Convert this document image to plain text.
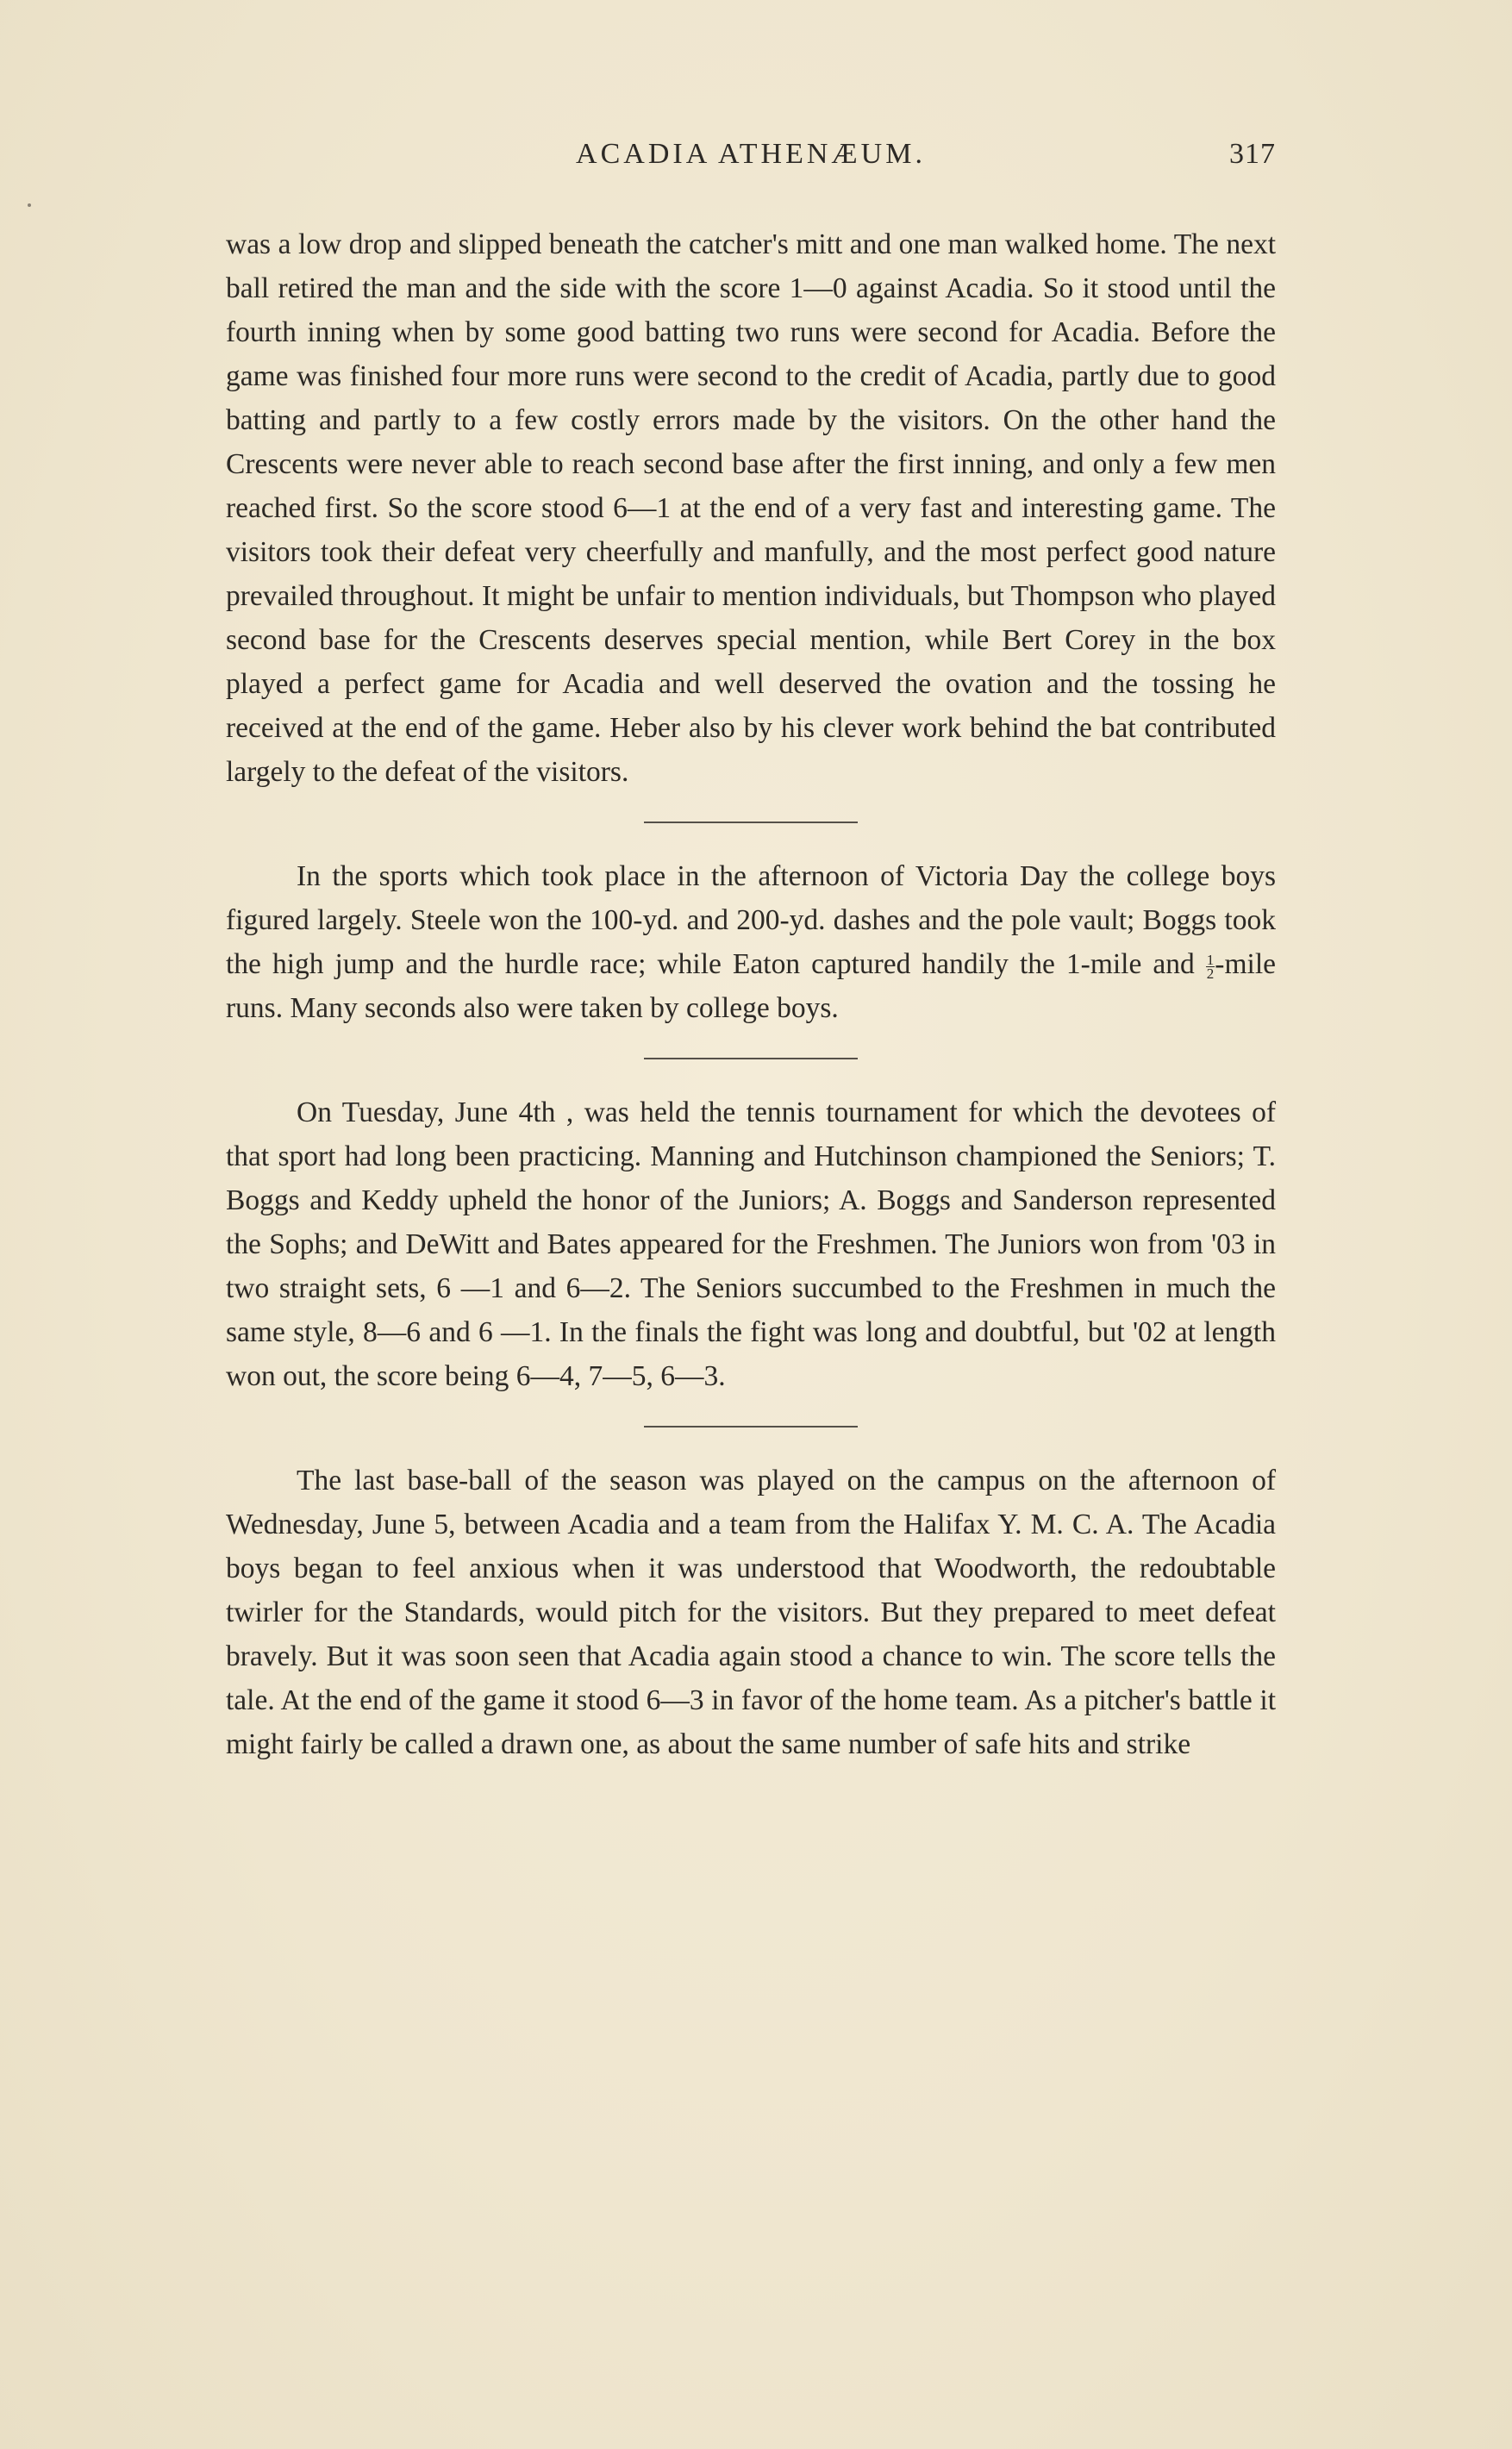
ACADIA ATHENÆUM.	317

was a low drop and slipped beneath the catcher's mitt and one man walked home. The next ball retired the man and the side with the score 1—0 against Acadia. So it stood until the fourth inning when by some good batting two runs were second for Acadia. Before the game was finished four more runs were second to the credit of Acadia, partly due to good batting and partly to a few costly errors made by the visitors. On the other hand the Crescents were never able to reach second base after the first inning, and only a few men reached first. So the score stood 6—1 at the end of a very fast and interesting game. The visitors took their defeat very cheerfully and manfully, and the most perfect good nature prevailed throughout. It might be unfair to mention individuals, but Thompson who played second base for the Crescents deserves special mention, while Bert Corey in the box played a perfect game for Acadia and well deserved the ovation and the tossing he received at the end of the game. Heber also by his clever work behind the bat contributed largely to the defeat of the visitors.

In the sports which took place in the afternoon of Victoria Day the college boys figured largely. Steele won the 100-yd. and 200-yd. dashes and the pole vault; Boggs took the high jump and the hurdle race; while Eaton captured handily the 1-mile and $\frac{1}{2}$ -mile runs. Many seconds also were taken by college boys.

On Tuesday, June 4th , was held the tennis tournament for which the devotees of that sport had long been practicing. Manning and Hutchinson championed the Seniors; T. Boggs and Keddy upheld the honor of the Juniors; A. Boggs and Sanderson represented the Sophs; and DeWitt and Bates appeared for the Freshmen. The Juniors won from '03 in two straight sets, 6 —1 and 6—2. The Seniors succumbed to the Freshmen in much the same style, 8—6 and 6 —1. In the finals the fight was long and doubtful, but '02 at length won out, the score being 6—4, 7—5, 6—3.

The last base-ball of the season was played on the campus on the afternoon of Wednesday, June 5, between Acadia and a team from the Halifax Y. M. C. A. The Acadia boys began to feel anxious when it was understood that Woodworth, the redoubtable twirler for the Standards, would pitch for the visitors. But they prepared to meet defeat bravely. But it was soon seen that Acadia again stood a chance to win. The score tells the tale. At the end of the game it stood 6—3 in favor of the home team. As a pitcher's battle it might fairly be called a drawn one, as about the same number of safe hits and strike
